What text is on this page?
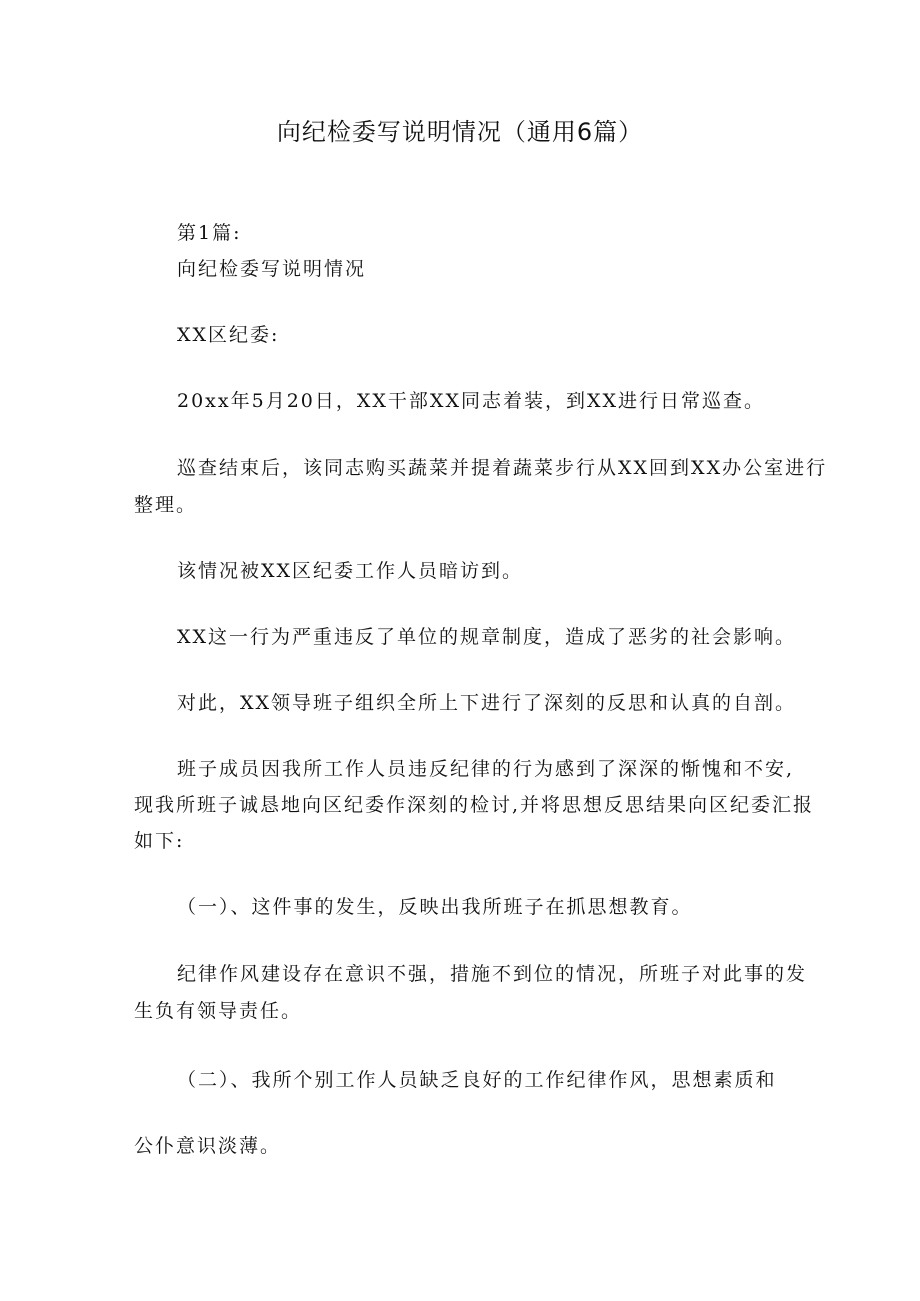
向纪检委写说明情况（通用6篇）
第1篇:
向纪检委写说明情况
XX区纪委:
20xx年5月20日，XX干部XX同志着装，到XX进行日常巡查。
巡查结束后，该同志购买蔬菜并提着蔬菜步行从XX回到XX办公室进行
整理。
该情况被XX区纪委工作人员暗访到。
XX这一行为严重违反了单位的规章制度，造成了恶劣的社会影响。
对此，XX领导班子组织全所上下进行了深刻的反思和认真的自剖。
班子成员因我所工作人员违反纪律的行为感到了深深的惭愧和不安,
现我所班子诚恳地向区纪委作深刻的检讨,并将思想反思结果向区纪委汇报
如下:
（一）、这件事的发生，反映出我所班子在抓思想教育。
纪律作风建设存在意识不强，措施不到位的情况，所班子对此事的发
生负有领导责任。
（二）、我所个别工作人员缺乏良好的工作纪律作风，思想素质和
公仆意识淡薄。
